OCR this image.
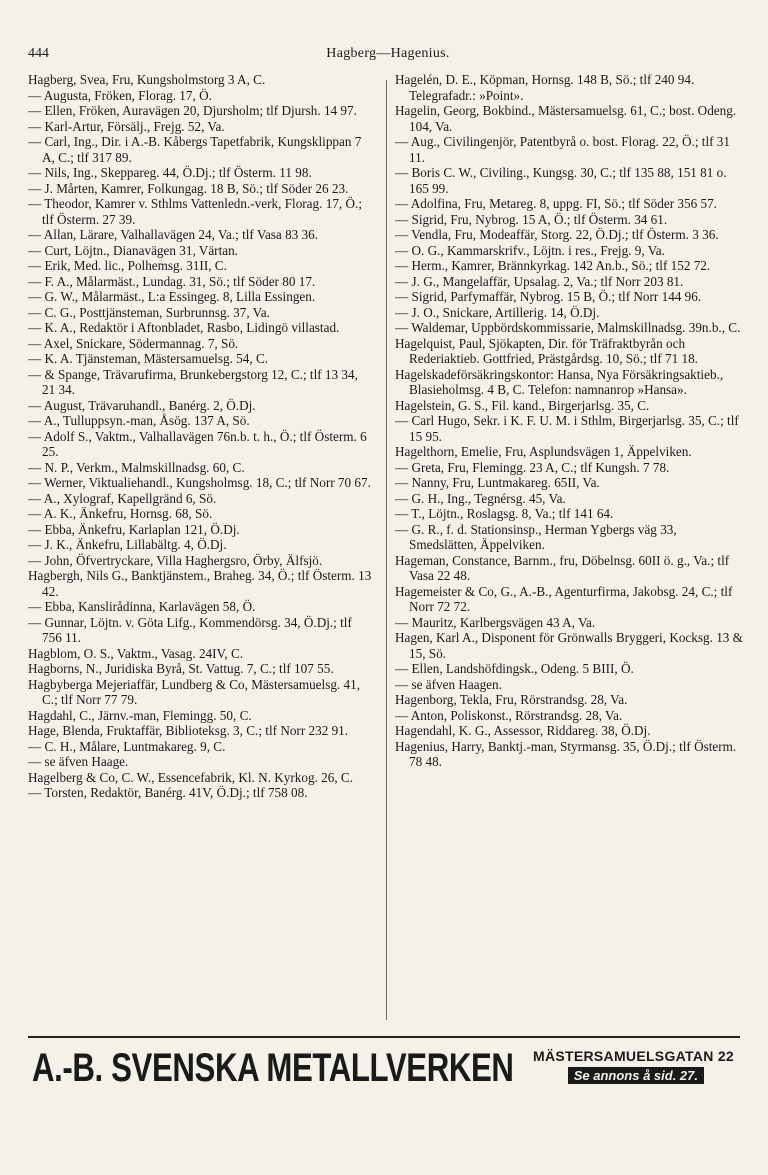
444	Hagberg—Hagenius.

Hagberg, Svea, Fru, Kungsholmstorg 3 A, C.

— Augusta, Fröken, Florag. 17, Ö.

— Ellen, Fröken, Auravägen 20, Djursholm; tlf Djursh. 14 97.

— Karl-Artur, Försälj., Frejg. 52, Va.

— Carl, Ing., Dir. i A.-B. Kåbergs Tapetfabrik, Kungsklippan 7 A, C.; tlf 317 89.

— Nils, Ing., Skeppareg. 44, Ö.Dj.; tlf Österm. 11 98.

— J. Mårten, Kamrer, Folkungag. 18 B, Sö.; tlf Söder 26 23.

— Theodor, Kamrer v. Sthlms Vattenledn.-verk, Florag. 17, Ö.; tlf Österm. 27 39.

— Allan, Lärare, Valhallavägen 24, Va.; tlf Vasa 83 36.

— Curt, Löjtn., Dianavägen 31, Värtan.

— Erik, Med. lic., Polhemsg. 31II, C.

— F. A., Målarmäst., Lundag. 31, Sö.; tlf Söder 80 17.

— G. W., Målarmäst., L:a Essingeg. 8, Lilla Essingen.

— C. G., Posttjänsteman, Surbrunnsg. 37, Va.

— K. A., Redaktör i Aftonbladet, Rasbo, Lidingö villastad.

— Axel, Snickare, Södermannag. 7, Sö.

— K. A. Tjänsteman, Mästersamuelsg. 54, C.

— & Spange, Trävarufirma, Brunkebergstorg 12, C.; tlf 13 34, 21 34.

— August, Trävaruhandl., Banérg. 2, Ö.Dj.

— A., Tulluppsyn.-man, Åsög. 137 A, Sö.

— Adolf S., Vaktm., Valhallavägen 76n.b. t. h., Ö.; tlf Österm. 6 25.

— N. P., Verkm., Malmskillnadsg. 60, C.

— Werner, Viktualiehandl., Kungsholmsg. 18, C.; tlf Norr 70 67.

— A., Xylograf, Kapellgränd 6, Sö.

— A. K., Änkefru, Hornsg. 68, Sö.

— Ebba, Änkefru, Karlaplan 121, Ö.Dj.

— J. K., Änkefru, Lillabältg. 4, Ö.Dj.

— John, Öfvertryckare, Villa Haghergsro, Örby, Älfsjö.

Hagbergh, Nils G., Banktjänstem., Braheg. 34, Ö.; tlf Österm. 13 42.

— Ebba, Kanslirådinna, Karlavägen 58, Ö.

— Gunnar, Löjtn. v. Göta Lifg., Kommendörsg. 34, Ö.Dj.; tlf 756 11.

Hagblom, O. S., Vaktm., Vasag. 24IV, C.

Hagborns, N., Juridiska Byrå, St. Vattug. 7, C.; tlf 107 55.

Hagbyberga Mejeriaffär, Lundberg & Co, Mästersamuelsg. 41, C.; tlf Norr 77 79.

Hagdahl, C., Järnv.-man, Flemingg. 50, C.

Hage, Blenda, Fruktaffär, Biblioteksg. 3, C.; tlf Norr 232 91.

— C. H., Målare, Luntmakareg. 9, C.

— se äfven Haage.

Hagelberg & Co, C. W., Essencefabrik, Kl. N. Kyrkog. 26, C.

— Torsten, Redaktör, Banérg. 41V, Ö.Dj.; tlf 758 08.

Hagelén, D. E., Köpman, Hornsg. 148 B, Sö.; tlf 240 94. Telegrafadr.: »Point».

Hagelin, Georg, Bokbind., Mästersamuelsg. 61, C.; bost. Odeng. 104, Va.

— Aug., Civilingenjör, Patentbyrå o. bost. Florag. 22, Ö.; tlf 31 11.

— Boris C. W., Civiling., Kungsg. 30, C.; tlf 135 88, 151 81 o. 165 99.

— Adolfina, Fru, Metareg. 8, uppg. FI, Sö.; tlf Söder 356 57.

— Sigrid, Fru, Nybrog. 15 A, Ö.; tlf Österm. 34 61.

— Vendla, Fru, Modeaffär, Storg. 22, Ö.Dj.; tlf Österm. 3 36.

— O. G., Kammarskrifv., Löjtn. i res., Frejg. 9, Va.

— Herm., Kamrer, Brännkyrkag. 142 An.b., Sö.; tlf 152 72.

— J. G., Mangelaffär, Upsalag. 2, Va.; tlf Norr 203 81.

— Sigrid, Parfymaffär, Nybrog. 15 B, Ö.; tlf Norr 144 96.

— J. O., Snickare, Artillerig. 14, Ö.Dj.

— Waldemar, Uppbördskommissarie, Malmskillnadsg. 39n.b., C.

Hagelquist, Paul, Sjökapten, Dir. för Träfraktbyrån och Rederiaktieb. Gottfried, Prästgårdsg. 10, Sö.; tlf 71 18.

Hagelskadeförsäkringskontor: Hansa, Nya Försäkringsaktieb., Blasieholmsg. 4 B, C. Telefon: namnanrop »Hansa».

Hagelstein, G. S., Fil. kand., Birgerjarlsg. 35, C.

— Carl Hugo, Sekr. i K. F. U. M. i Sthlm, Birgerjarlsg. 35, C.; tlf 15 95.

Hagelthorn, Emelie, Fru, Asplundsvägen 1, Äppelviken.

— Greta, Fru, Flemingg. 23 A, C.; tlf Kungsh. 7 78.

— Nanny, Fru, Luntmakareg. 65II, Va.

— G. H., Ing., Tegnérsg. 45, Va.

— T., Löjtn., Roslagsg. 8, Va.; tlf 141 64.

— G. R., f. d. Stationsinsp., Herman Ygbergs väg 33, Smedslätten, Äppelviken.

Hageman, Constance, Barnm., fru, Döbelnsg. 60II ö. g., Va.; tlf Vasa 22 48.

Hagemeister & Co, G., A.-B., Agenturfirma, Jakobsg. 24, C.; tlf Norr 72 72.

— Mauritz, Karlbergsvägen 43 A, Va.

Hagen, Karl A., Disponent för Grönwalls Bryggeri, Kocksg. 13 & 15, Sö.

— Ellen, Landshöfdingsk., Odeng. 5 BIII, Ö.

— se äfven Haagen.

Hagenborg, Tekla, Fru, Rörstrandsg. 28, Va.

— Anton, Poliskonst., Rörstrandsg. 28, Va.

Hagendahl, K. G., Assessor, Riddareg. 38, Ö.Dj.

Hagenius, Harry, Banktj.-man, Styrmansg. 35, Ö.Dj.; tlf Österm. 78 48.

A.-B. SVENSKA METALLVERKEN MÄSTERSAMUELSGATAN 22
Se annons å sid. 27.
